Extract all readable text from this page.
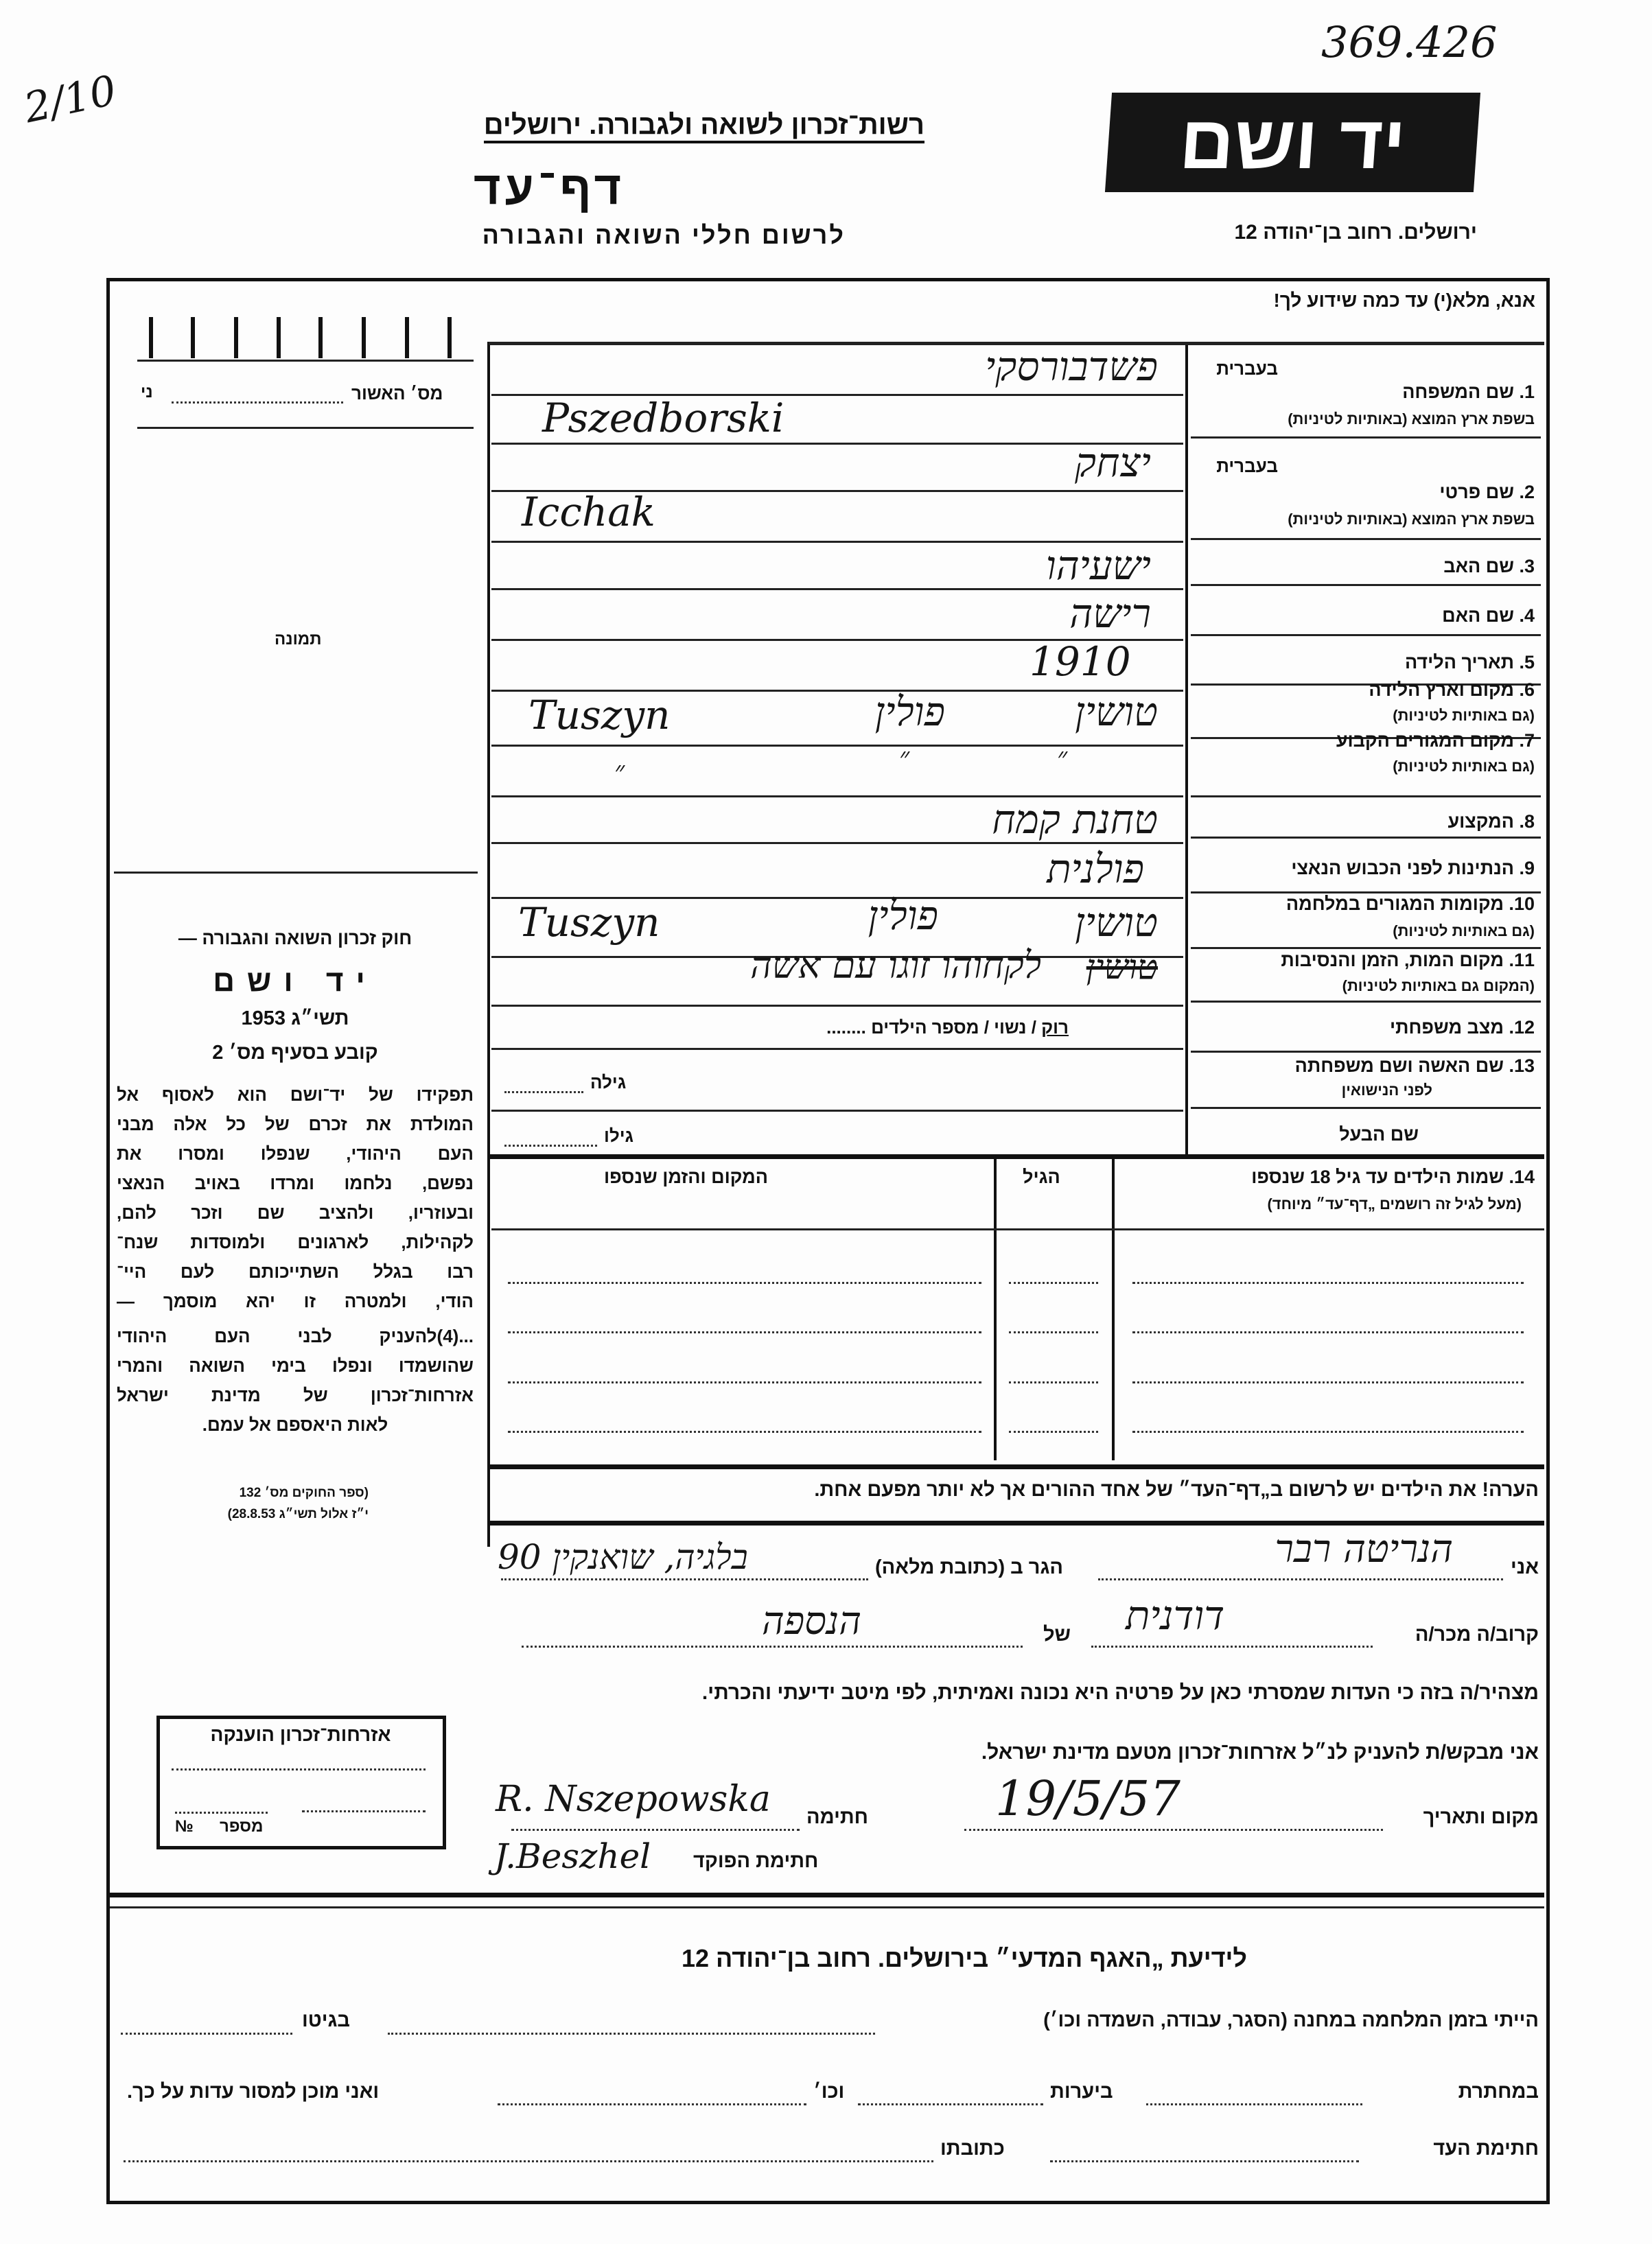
369.426
2/10	רשות־זכרון לשואה ולגבורה. ירושלים
דף־עד
לרשום חללי השואה והגבורה
יד ושם
ירושלים. רחוב בן־יהודה 12
אנא, מלא(י) עד כמה שידוע לך!
מס׳ האשור
ני
תמונה
חוק זכרון השואה והגבורה —
יד ושם
תשי״ג 1953
קובע בסעיף מס׳ 2
תפקידו של יד־ושם הוא לאסוף אל
המולדת את זכרם של כל אלה מבני
העם היהודי, שנפלו ומסרו את
נפשם, נלחמו ומרדו באויב הנאצי
ובעוזריו, ולהציב שם וזכר להם,
לקהילות, לארגונים ולמוסדות שנח־
רבו בגלל השתייכותם לעם היי־
הודי, ולמטרה זו יהא מוסמך —
...(4)להעניק לבני העם היהודי
שהושמדו ונפלו בימי השואה והמרי
אזרחות־זכרון של מדינת ישראל
לאות היאספם אל עמם.
(ספר החוקים מס׳ 132
י״ז אלול תשי״ג 28.8.53)
אזרחות־זכרון הוענקה
מספר
№
בעברית
1. שם המשפחה
בשפת ארץ המוצא (באותיות לטיניות)
בעברית
2. שם פרטי
בשפת ארץ המוצא (באותיות לטיניות)
3. שם האב
4. שם האם
5. תאריך הלידה
6. מקום וארץ הלידה
(גם באותיות לטיניות)
7. מקום המגורים הקבוע
(גם באותיות לטיניות)
8. המקצוע
9. הנתינות לפני הכבוש הנאצי
10. מקומות המגורים במלחמה
(גם באותיות לטיניות)
11. מקום המות, הזמן והנסיבות
(המקום גם באותיות לטיניות)
12. מצב משפחתי
13. שם האשה ושם משפחתה
לפני הנישואין
שם הבעל
פשדבורסקי
Pszedborski
יצחק
Icchak
ישעיהו
רישה
1910
טושין
פולין
Tuszyn
״
״
״
טחנת קמח
פולנית
טושין
פולין
Tuszyn
טושין
לקחוהו זוגו עם אשה
רוק / נשוי / מספר הילדים ........
גילה
גילו
14. שמות הילדים עד גיל 18 שנספו
(מעל לגיל זה רושמים „דף־עד״ מיוחד)
הגיל
המקום והזמן שנספו
הערה! את הילדים יש לרשום ב„דף־העד״ של אחד ההורים אך לא יותר מפעם אחת.
אני
הנריטה רבר
הגר ב (כתובת מלאה)
בלגיה, שואנקין 90
קרוב/ה מכר/ה
דודנית
של
הנספה
מצהיר/ה בזה כי העדות שמסרתי כאן על פרטיה היא נכונה ואמיתית, לפי מיטב ידיעתי והכרתי.
אני מבקש/ת להעניק לנ״ל אזרחות־זכרון מטעם מדינת ישראל.
מקום ותאריך
19/5/57
חתימה
R. Nszepowska
חתימת הפוקד
J.Beszhel
לידיעת „האגף המדעי״ בירושלים. רחוב בן־יהודה 12
הייתי בזמן המלחמה במחנה (הסגר, עבודה, השמדה וכו׳)
בגיטו
במחתרת
ביערות
וכו׳
ואני מוכן למסור עדות על כך.
חתימת העד
כתובתו
